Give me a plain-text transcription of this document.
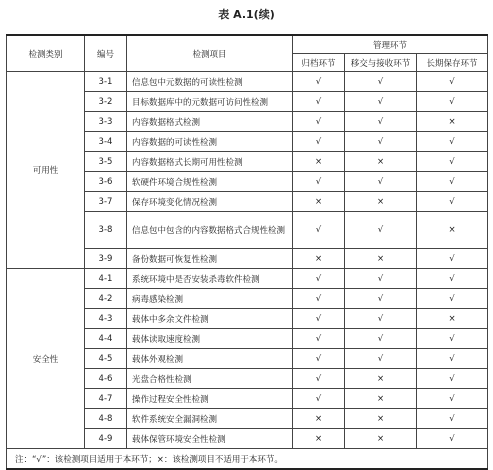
表 A.1(续)
检测类别	编号	检测项目	管理环节		
			归档环节	移交与接收环节	长期保存环节
可用性	3-1	信息包中元数据的可读性检测	√	√	√
	3-2	目标数据库中的元数据可访问性检测	√	√	√
	3-3	内容数据格式检测	√	√	×
	3-4	内容数据的可读性检测	√	√	√
	3-5	内容数据格式长期可用性检测	×	×	√
	3-6	软硬件环境合规性检测	√	√	√
	3-7	保存环境变化情况检测	×	×	√
	3-8	信息包中包含的内容数据格式合规性检测	√	√	×
	3-9	备份数据可恢复性检测	×	×	√
安全性	4-1	系统环境中是否安装杀毒软件检测	√	√	√
	4-2	病毒感染检测	√	√	√
	4-3	载体中多余文件检测	√	√	×
	4-4	载体读取速度检测	√	√	√
	4-5	载体外观检测	√	√	√
	4-6	光盘合格性检测	√	×	√
	4-7	操作过程安全性检测	√	×	√
	4-8	软件系统安全漏洞检测	×	×	√
	4-9	载体保管环境安全性检测	×	×	√
注：“√”：该检测项目适用于本环节；×：该检测项目不适用于本环节。					
